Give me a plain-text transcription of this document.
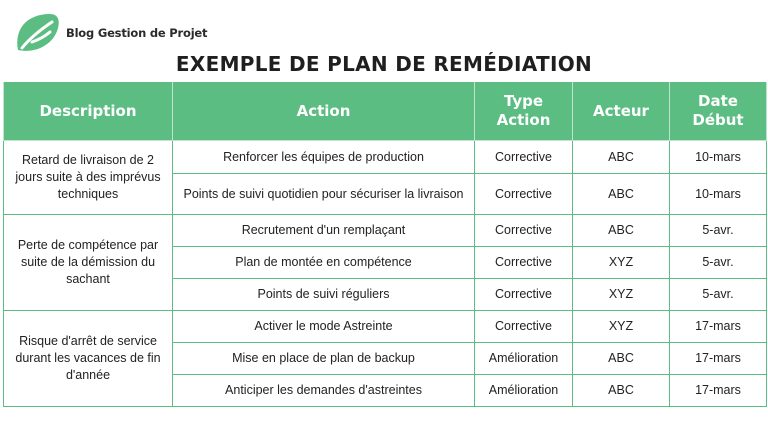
Blog Gestion de Projet
EXEMPLE DE PLAN DE REMÉDIATION
Description	Action	Type Action	Acteur	Date Début
Retard de livraison de 2 jours suite à des imprévus techniques	Renforcer les équipes de production	Corrective	ABC	10-mars
	Points de suivi quotidien pour sécuriser la livraison	Corrective	ABC	10-mars
Perte de compétence par suite de la démission du sachant	Recrutement d'un remplaçant	Corrective	ABC	5-avr.
	Plan de montée en compétence	Corrective	XYZ	5-avr.
	Points de suivi réguliers	Corrective	XYZ	5-avr.
Risque d'arrêt de service durant les vacances de fin d'année	Activer le mode Astreinte	Corrective	XYZ	17-mars
	Mise en place de plan de backup	Amélioration	ABC	17-mars
	Anticiper les demandes d'astreintes	Amélioration	ABC	17-mars
